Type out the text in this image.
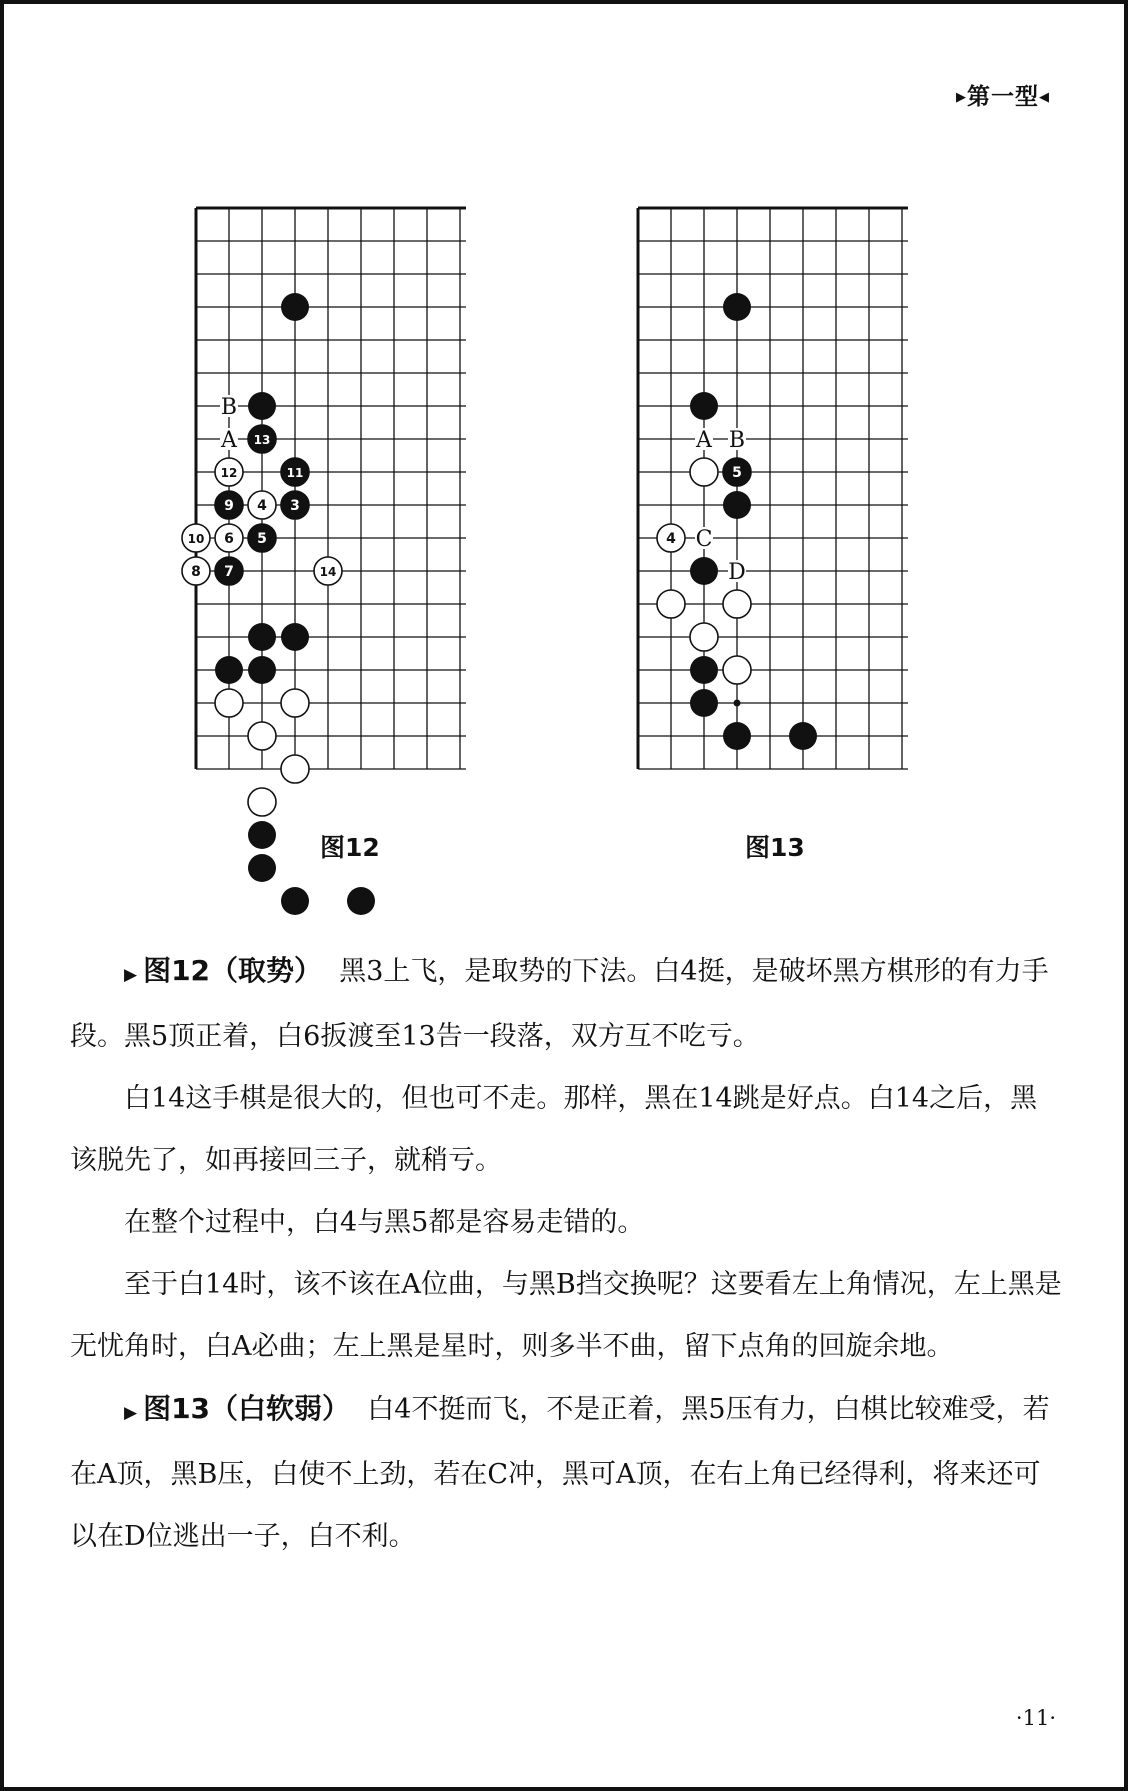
▶第一型◀
3
4
5
6
7
8
9
10
11
12
13
14
B
A
4
5
A B
C
D
图12	图13

▶ 图12（取势） 黑3上飞，是取势的下法。白4挺，是破坏黑方棋形的有力手段。黑5顶正着，白6扳渡至13告一段落，双方互不吃亏。

白14这手棋是很大的，但也可不走。那样，黑在14跳是好点。白14之后，黑该脱先了，如再接回三子，就稍亏。

在整个过程中，白4与黑5都是容易走错的。

至于白14时，该不该在A位曲，与黑B挡交换呢？这要看左上角情况，左上黑是无忧角时，白A必曲；左上黑是星时，则多半不曲，留下点角的回旋余地。

▶ 图13（白软弱） 白4不挺而飞，不是正着，黑5压有力，白棋比较难受，若在A顶，黑B压，白使不上劲，若在C冲，黑可A顶，在右上角已经得利，将来还可以在D位逃出一子，白不利。

·11·
